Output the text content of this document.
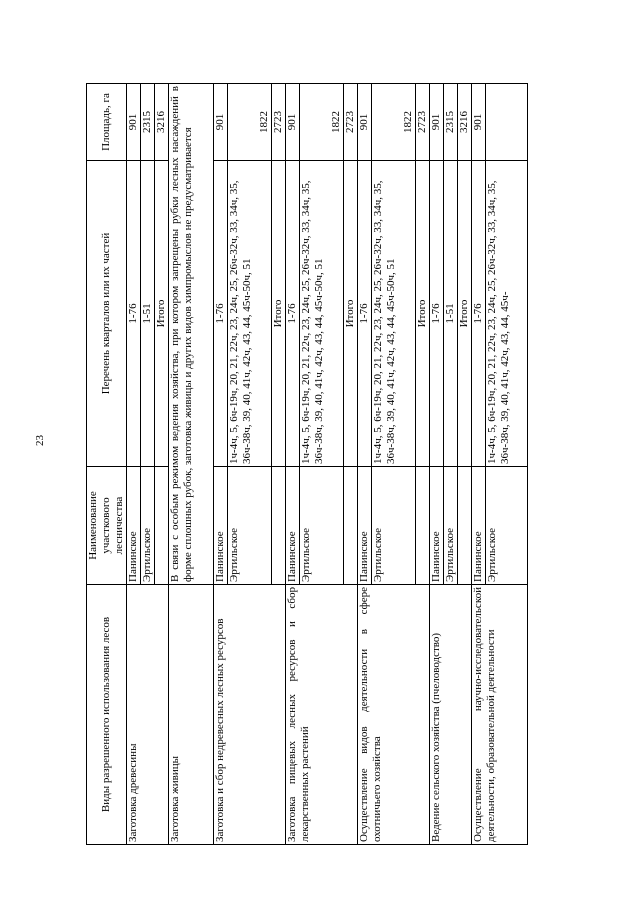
23
Виды разрешенного использования лесов	Наименование участкового лесничества	Перечень кварталов или их частей	Площадь, га
Заготовка древесины	Панинское	1-76	901
	Эртильское	1-51	2315
		Итого	3216
Заготовка живицы	В связи с особым режимом ведения хозяйства, при котором запрещены рубки лесных насаждений в форме сплошных рубок, заготовка живицы и других видов химпромыслов не предусматривается		
Заготовка и сбор недревесных лесных ресурсов	Панинское	1-76	901
	Эртильское	1ч-4ч, 5, 6ч-19ч, 20, 21, 22ч, 23, 24ч, 25, 26ч-32ч, 33, 34ч, 35, 36ч-38ч, 39, 40, 41ч, 42ч, 43, 44, 45ч-50ч, 51	1822
		Итого	2723
Заготовка пищевых лесных ресурсов и сбор лекарственных растений	Панинское	1-76	901
	Эртильское	1ч-4ч, 5, 6ч-19ч, 20, 21, 22ч, 23, 24ч, 25, 26ч-32ч, 33, 34ч, 35, 36ч-38ч, 39, 40, 41ч, 42ч, 43, 44, 45ч-50ч, 51	1822
		Итого	2723
Осуществление видов деятельности в сфере охотничьего хозяйства	Панинское	1-76	901
	Эртильское	1ч-4ч, 5, 6ч-19ч, 20, 21, 22ч, 23, 24ч, 25, 26ч-32ч, 33, 34ч, 35, 36ч-38ч, 39, 40, 41ч, 42ч, 43, 44, 45ч-50ч, 51	1822
		Итого	2723
Ведение сельского хозяйства (пчеловодство)	Панинское	1-76	901
	Эртильское	1-51	2315
		Итого	3216
Осуществление научно-исследовательской деятельности, образовательной деятельности	Панинское	1-76	901
	Эртильское	1ч-4ч, 5, 6ч-19ч, 20, 21, 22ч, 23, 24ч, 25, 26ч-32ч, 33, 34ч, 35, 36ч-38ч, 39, 40, 41ч, 42ч, 43, 44, 45ч-	
